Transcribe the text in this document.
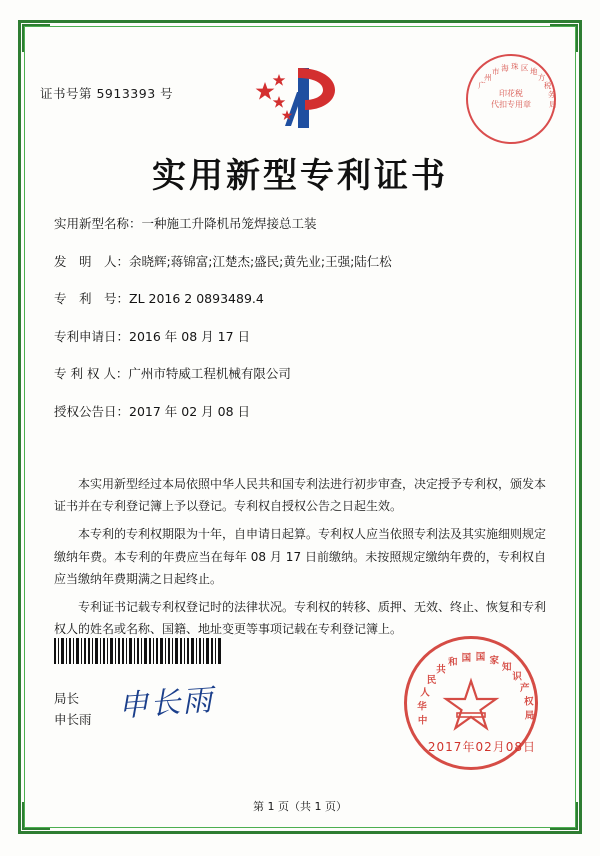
证书号第 5913393 号
广
州
市 海 珠 区 地
方
税
务
局
印花税
代扣专用章
实用新型专利证书
实用新型名称：一种施工升降机吊笼焊接总工装
发　明　人：余晓辉;蒋锦富;江楚杰;盛民;黄先业;王强;陆仁松
专　利　号：ZL 2016 2 0893489.4
专利申请日：2016 年 08 月 17 日
专 利 权 人：广州市特威工程机械有限公司
授权公告日：2017 年 02 月 08 日
本实用新型经过本局依照中华人民共和国专利法进行初步审查，决定授予专利权，颁发本证书并在专利登记簿上予以登记。专利权自授权公告之日起生效。
本专利的专利权期限为十年，自申请日起算。专利权人应当依照专利法及其实施细则规定缴纳年费。本专利的年费应当在每年 08 月 17 日前缴纳。未按照规定缴纳年费的，专利权自应当缴纳年费期满之日起终止。
专利证书记载专利权登记时的法律状况。专利权的转移、质押、无效、终止、恢复和专利权人的姓名或名称、国籍、地址变更等事项记载在专利登记簿上。
局长
申长雨 申长雨	中
华
人
民
共
和 国 国 家
知
识
产
权
局
2017年02月08日
第 1 页（共 1 页）
